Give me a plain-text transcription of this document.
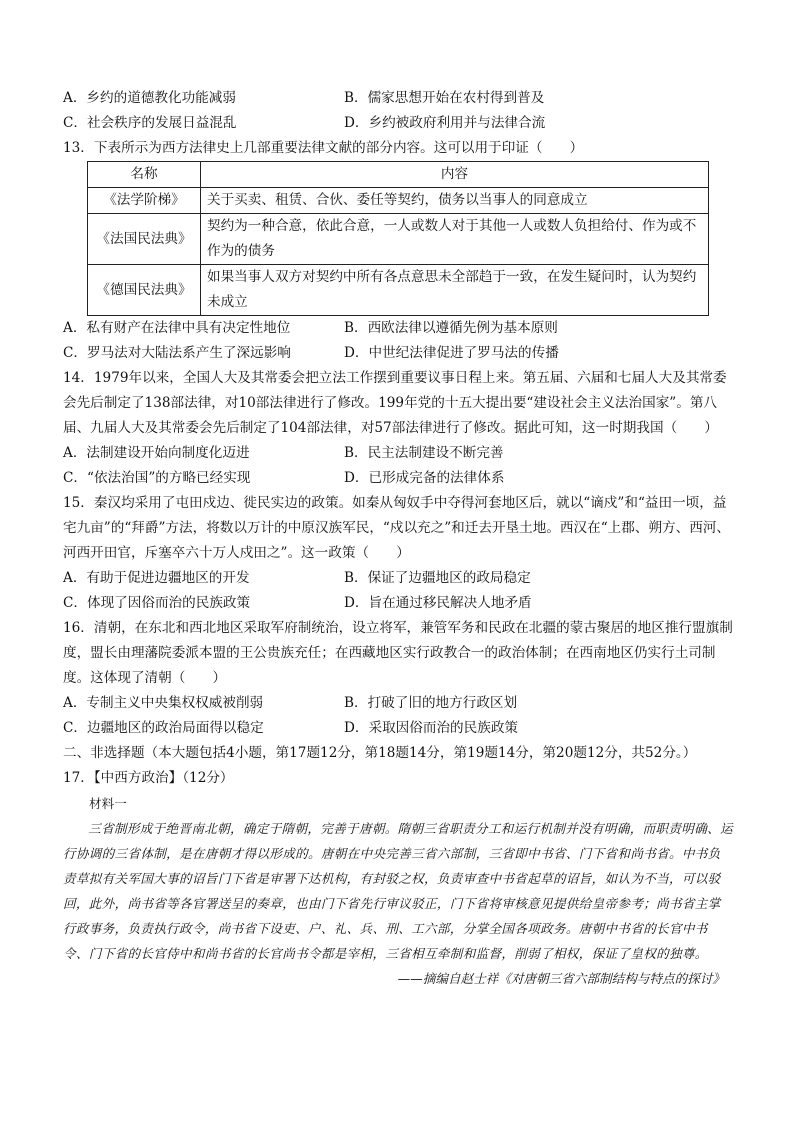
A．乡约的道德教化功能减弱	B．儒家思想开始在农村得到普及
C．社会秩序的发展日益混乱	D．乡约被政府利用并与法律合流
13．下表所示为西方法律史上几部重要法律文献的部分内容。这可以用于印证（　　）
名称	内容
《法学阶梯》	关于买卖、租赁、合伙、委任等契约，债务以当事人的同意成立
《法国民法典》	契约为一种合意，依此合意，一人或数人对于其他一人或数人负担给付、作为或不作为的债务
《德国民法典》	如果当事人双方对契约中所有各点意思未全部趋于一致，在发生疑问时，认为契约未成立
A．私有财产在法律中具有决定性地位	B．西欧法律以遵循先例为基本原则
C．罗马法对大陆法系产生了深远影响	D．中世纪法律促进了罗马法的传播
14．1979年以来，全国人大及其常委会把立法工作摆到重要议事日程上来。第五届、六届和七届人大及其常委会先后制定了138部法律，对10部法律进行了修改。199年党的十五大提出要“建设社会主义法治国家”。第八届、九届人大及其常委会先后制定了104部法律，对57部法律进行了修改。据此可知，这一时期我国（　　）
A．法制建设开始向制度化迈进	B．民主法制建设不断完善
C．“依法治国”的方略已经实现	D．已形成完备的法律体系
15．秦汉均采用了屯田戍边、徙民实边的政策。如秦从匈奴手中夺得河套地区后，就以“谪戍”和“益田一顷，益宅九亩”的“拜爵”方法，将数以万计的中原汉族军民，“戍以充之”和迁去开垦土地。西汉在“上郡、朔方、西河、河西开田官，斥塞卒六十万人戍田之”。这一政策（　　）
A．有助于促进边疆地区的开发	B．保证了边疆地区的政局稳定
C．体现了因俗而治的民族政策	D．旨在通过移民解决人地矛盾
16．清朝，在东北和西北地区采取军府制统治，设立将军，兼管军务和民政在北疆的蒙古聚居的地区推行盟旗制度，盟长由理藩院委派本盟的王公贵族充任；在西藏地区实行政教合一的政治体制；在西南地区仍实行土司制度。这体现了清朝（　　）
A．专制主义中央集权权威被削弱	B．打破了旧的地方行政区划
C．边疆地区的政治局面得以稳定	D．采取因俗而治的民族政策
二、非选择题（本大题包括4小题，第17题12分，第18题14分，第19题14分，第20题12分，共52分。）
17．【中西方政治】（12分）
材料一
三省制形成于绝晋南北朝，确定于隋朝，完善于唐朝。隋朝三省职责分工和运行机制并没有明确，而职责明确、运行协调的三省体制，是在唐朝才得以形成的。唐朝在中央完善三省六部制，三省即中书省、门下省和尚书省。中书负责草拟有关军国大事的诏旨门下省是审署下达机构，有封驳之权，负责审查中书省起草的诏旨，如认为不当，可以驳回，此外，尚书省等各官署送呈的奏章，也由门下省先行审议驳正，门下省将审核意见提供给皇帝参考；尚书省主掌行政事务，负责执行政令，尚书省下设吏、户、礼、兵、刑、工六部，分掌全国各项政务。唐朝中书省的长官中书令、门下省的长官侍中和尚书省的长官尚书令都是宰相，三省相互牵制和监督，削弱了相权，保证了皇权的独尊。
——摘编自赵士祥《对唐朝三省六部制结构与特点的探讨》
